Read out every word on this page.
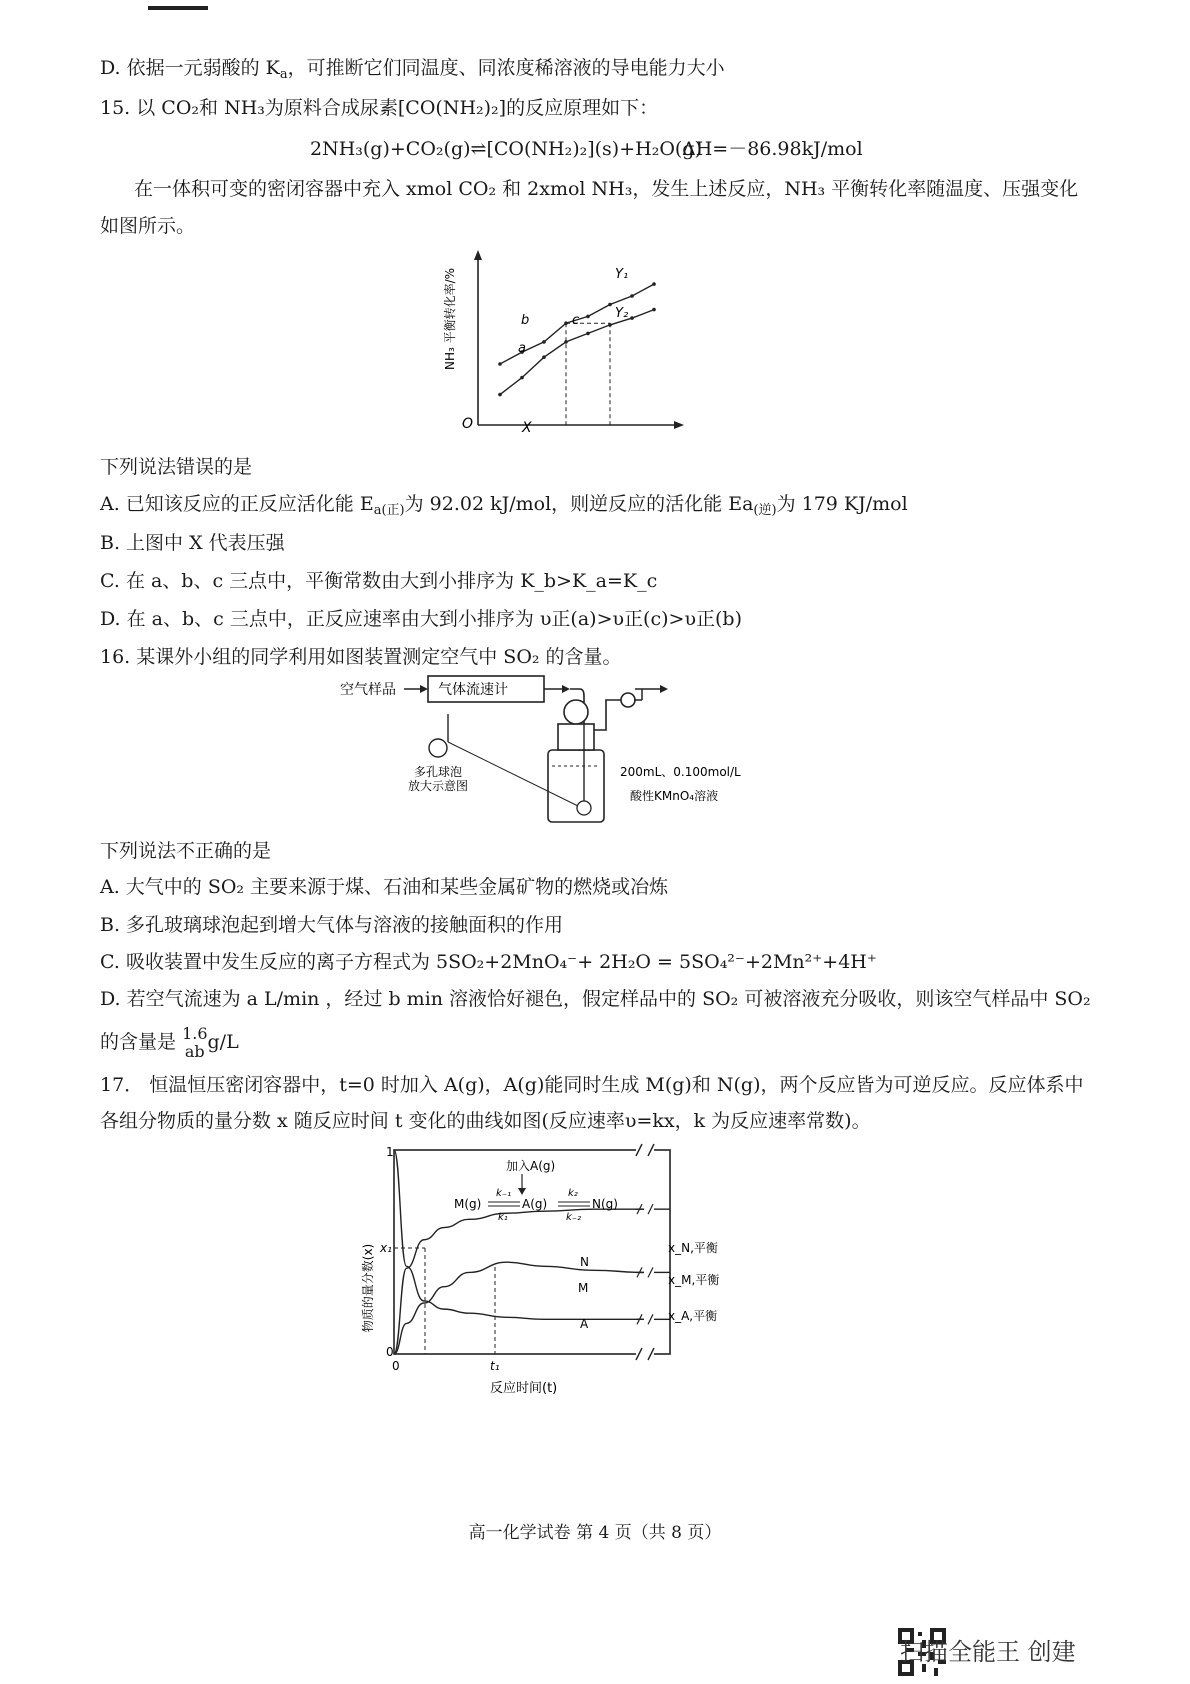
D. 依据一元弱酸的 $K_a$，可推断它们同温度、同浓度稀溶液的导电能力大小
15. 以 CO₂和 NH₃为原料合成尿素[CO(NH₂)₂]的反应原理如下：
2NH₃(g)+CO₂(g)⇌[CO(NH₂)₂](s)+H₂O(g)
ΔH=－86.98kJ/mol
在一体积可变的密闭容器中充入 xmol CO₂ 和 2xmol NH₃，发生上述反应，NH₃ 平衡转化率随温度、压强变化
如图所示。
NH₃ 平衡转化率/%
O	X
Y₁
Y₂
b
a
c
下列说法错误的是
A. 已知该反应的正反应活化能 $E_{a(正)}$为 92.02 kJ/mol，则逆反应的活化能 $Ea_{(逆)}$为 179 KJ/mol
B. 上图中 X 代表压强
C. 在 a、b、c 三点中，平衡常数由大到小排序为 K_b>K_a=K_c
D. 在 a、b、c 三点中，正反应速率由大到小排序为 υ正(a)>υ正(c)>υ正(b)
16. 某课外小组的同学利用如图装置测定空气中 SO₂ 的含量。
空气样品	气体流速计
多孔球泡
放大示意图
200mL、0.100mol/L
酸性KMnO₄溶液
下列说法不正确的是
A. 大气中的 SO₂ 主要来源于煤、石油和某些金属矿物的燃烧或冶炼
B. 多孔玻璃球泡起到增大气体与溶液的接触面积的作用
C. 吸收装置中发生反应的离子方程式为 5SO₂+2MnO₄⁻+ 2H₂O = 5SO₄²⁻+2Mn²⁺+4H⁺
D. 若空气流速为 a L/min ，经过 b min 溶液恰好褪色，假定样品中的 SO₂ 可被溶液充分吸收，则该空气样品中 SO₂
的含量是 1.6
ab g/L
17． 恒温恒压密闭容器中，t=0 时加入 A(g)，A(g)能同时生成 M(g)和 N(g)，两个反应皆为可逆反应。反应体系中
各组分物质的量分数 x 随反应时间 t 变化的曲线如图(反应速率υ=kx，k 为反应速率常数)。
加入A(g)
M(g)	A(g)	N(g)
k₋₁
k₁
k₂
k₋₂
物质的量分数(x)
1
0
0
x₁
t₁
反应时间(t)
N
M
A
x_N,平衡
x_M,平衡
x_A,平衡
高一化学试卷 第 4 页（共 8 页）
扫描全能王 创建
